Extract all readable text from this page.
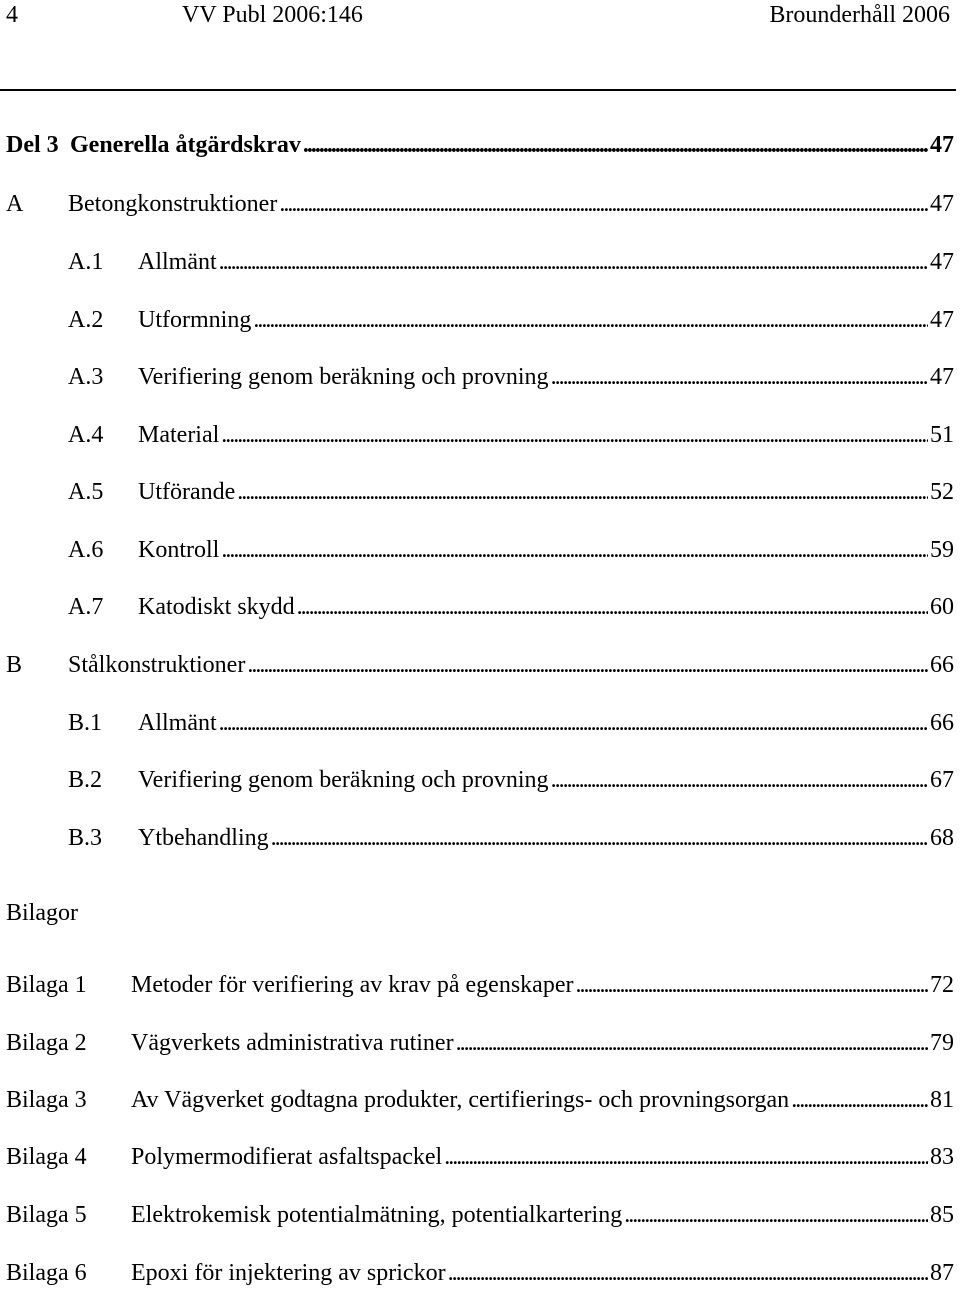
4	VV Publ 2006:146	Brounderhåll 2006
Del 3 Generella åtgärdskrav . . .	47
A Betongkonstruktioner . . .	47
A.1 Allmänt . . .	47
A.2 Utformning . . .	47
A.3 Verifiering genom beräkning och provning . . .	47
A.4 Material . . .	51
A.5 Utförande . . .	52
A.6 Kontroll . . .	59
A.7 Katodiskt skydd . . .	60
B Stålkonstruktioner . . .	66
B.1 Allmänt . . .	66
B.2 Verifiering genom beräkning och provning . . .	67
B.3 Ytbehandling . . .	68
Bilagor
Bilaga 1 Metoder för verifiering av krav på egenskaper . . .	72
Bilaga 2 Vägverkets administrativa rutiner . . .	79
Bilaga 3 Av Vägverket godtagna produkter, certifierings- och provningsorgan . . .	81
Bilaga 4 Polymermodifierat asfaltspackel . . .	83
Bilaga 5 Elektrokemisk potentialmätning, potentialkartering . . .	85
Bilaga 6 Epoxi för injektering av sprickor . . .	87
